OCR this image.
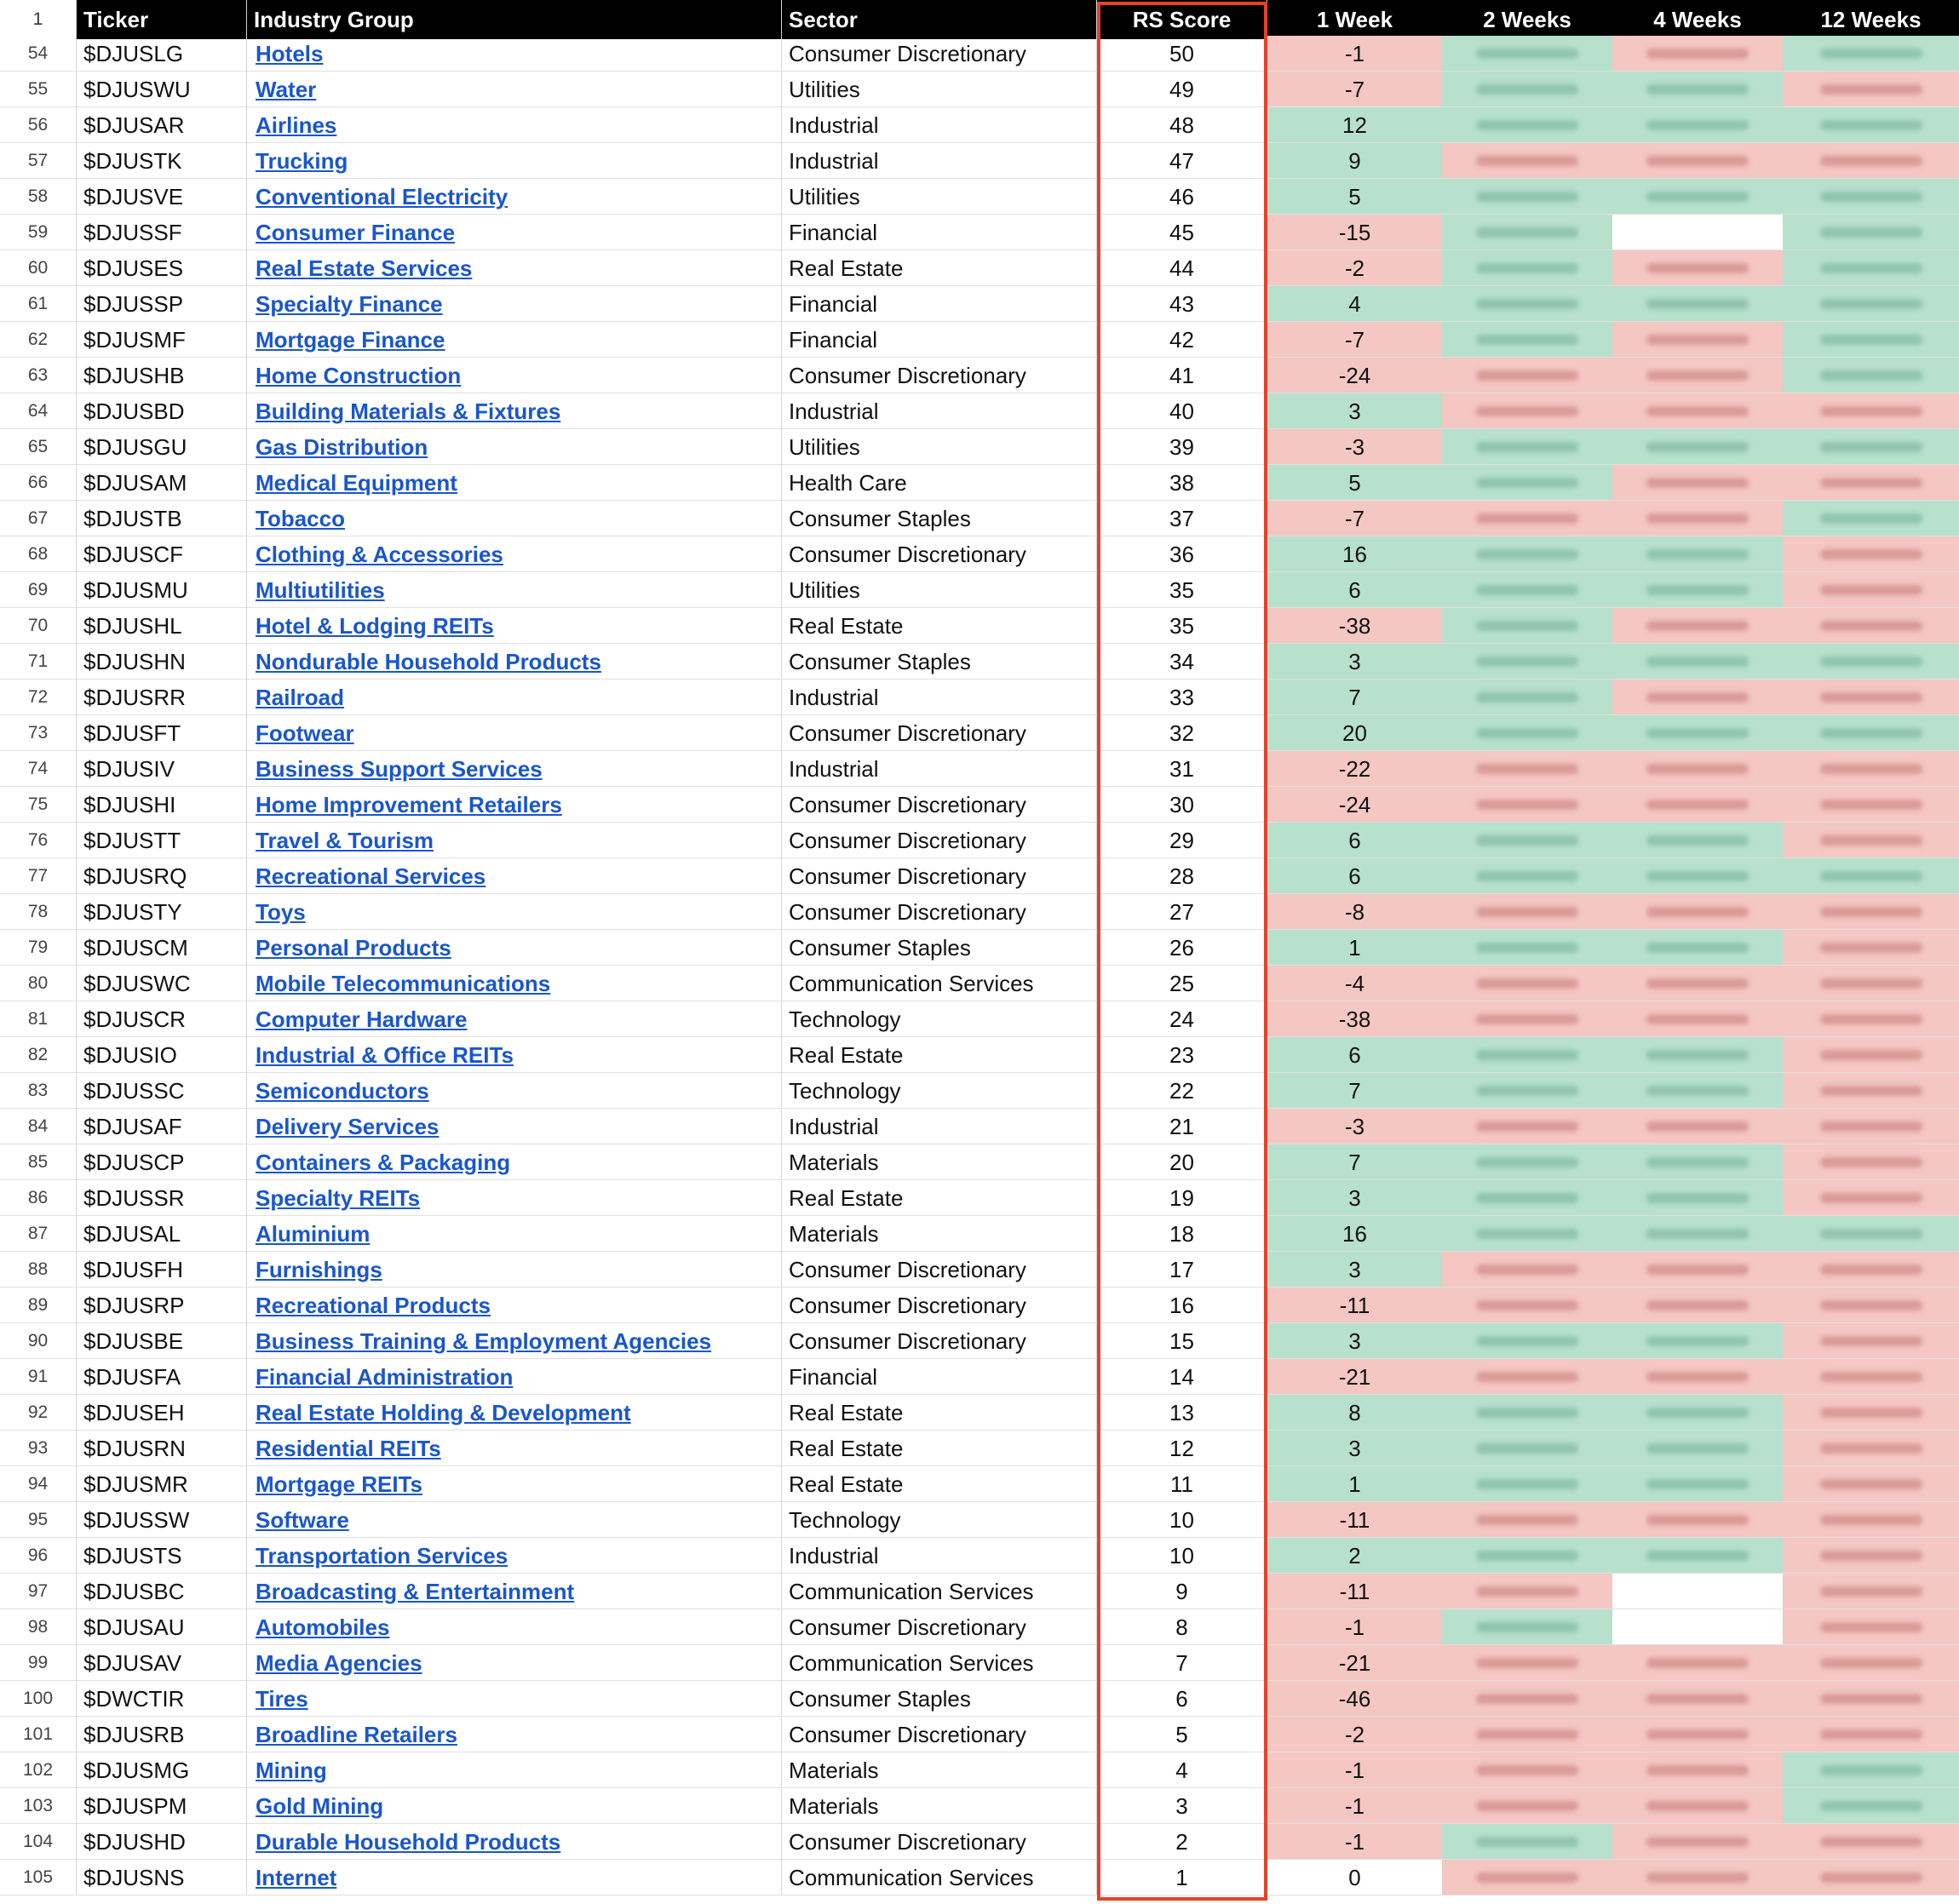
1	Ticker	Industry Group	Sector	RS Score	1 Week	2 Weeks	4 Weeks	12 Weeks
54	$DJUSLG	Hotels	Consumer Discretionary	50	-1
55	$DJUSWU	Water	Utilities	49	-7
56	$DJUSAR	Airlines	Industrial	48	12
57	$DJUSTK	Trucking	Industrial	47	9
58	$DJUSVE	Conventional Electricity	Utilities	46	5
59	$DJUSSF	Consumer Finance	Financial	45	-15
60	$DJUSES	Real Estate Services	Real Estate	44	-2
61	$DJUSSP	Specialty Finance	Financial	43	4
62	$DJUSMF	Mortgage Finance	Financial	42	-7
63	$DJUSHB	Home Construction	Consumer Discretionary	41	-24
64	$DJUSBD	Building Materials & Fixtures	Industrial	40	3
65	$DJUSGU	Gas Distribution	Utilities	39	-3
66	$DJUSAM	Medical Equipment	Health Care	38	5
67	$DJUSTB	Tobacco	Consumer Staples	37	-7
68	$DJUSCF	Clothing & Accessories	Consumer Discretionary	36	16
69	$DJUSMU	Multiutilities	Utilities	35	6
70	$DJUSHL	Hotel & Lodging REITs	Real Estate	35	-38
71	$DJUSHN	Nondurable Household Products	Consumer Staples	34	3
72	$DJUSRR	Railroad	Industrial	33	7
73	$DJUSFT	Footwear	Consumer Discretionary	32	20
74	$DJUSIV	Business Support Services	Industrial	31	-22
75	$DJUSHI	Home Improvement Retailers	Consumer Discretionary	30	-24
76	$DJUSTT	Travel & Tourism	Consumer Discretionary	29	6
77	$DJUSRQ	Recreational Services	Consumer Discretionary	28	6
78	$DJUSTY	Toys	Consumer Discretionary	27	-8
79	$DJUSCM	Personal Products	Consumer Staples	26	1
80	$DJUSWC	Mobile Telecommunications	Communication Services	25	-4
81	$DJUSCR	Computer Hardware	Technology	24	-38
82	$DJUSIO	Industrial & Office REITs	Real Estate	23	6
83	$DJUSSC	Semiconductors	Technology	22	7
84	$DJUSAF	Delivery Services	Industrial	21	-3
85	$DJUSCP	Containers & Packaging	Materials	20	7
86	$DJUSSR	Specialty REITs	Real Estate	19	3
87	$DJUSAL	Aluminium	Materials	18	16
88	$DJUSFH	Furnishings	Consumer Discretionary	17	3
89	$DJUSRP	Recreational Products	Consumer Discretionary	16	-11
90	$DJUSBE	Business Training & Employment Agencies	Consumer Discretionary	15	3
91	$DJUSFA	Financial Administration	Financial	14	-21
92	$DJUSEH	Real Estate Holding & Development	Real Estate	13	8
93	$DJUSRN	Residential REITs	Real Estate	12	3
94	$DJUSMR	Mortgage REITs	Real Estate	11	1
95	$DJUSSW	Software	Technology	10	-11
96	$DJUSTS	Transportation Services	Industrial	10	2
97	$DJUSBC	Broadcasting & Entertainment	Communication Services	9	-11
98	$DJUSAU	Automobiles	Consumer Discretionary	8	-1
99	$DJUSAV	Media Agencies	Communication Services	7	-21
100	$DWCTIR	Tires	Consumer Staples	6	-46
101	$DJUSRB	Broadline Retailers	Consumer Discretionary	5	-2
102	$DJUSMG	Mining	Materials	4	-1
103	$DJUSPM	Gold Mining	Materials	3	-1
104	$DJUSHD	Durable Household Products	Consumer Discretionary	2	-1
105	$DJUSNS	Internet	Communication Services	1	0
